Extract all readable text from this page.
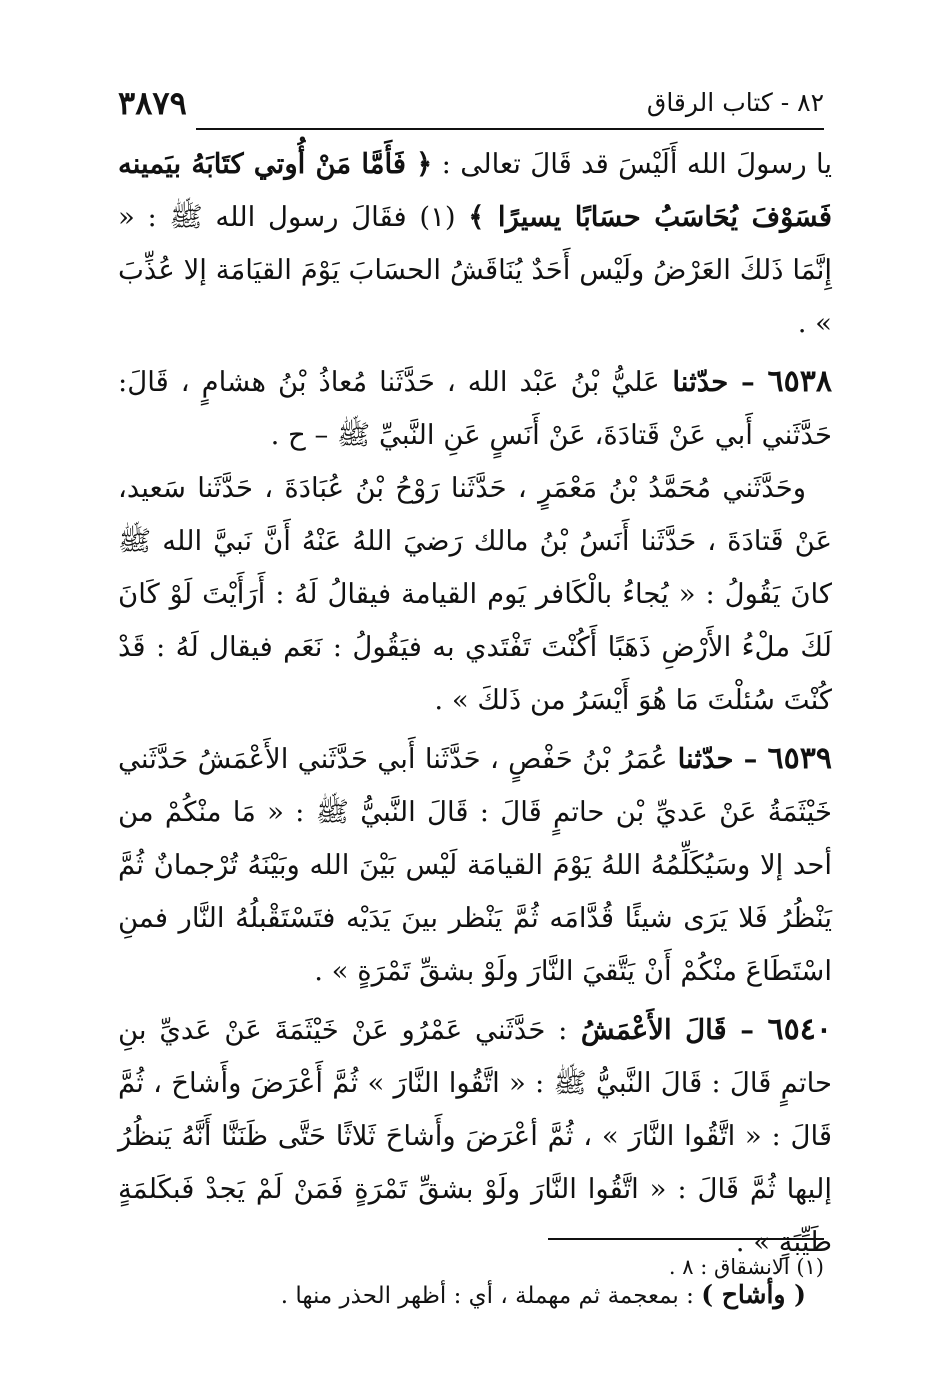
٨٢ - كتاب الرقاق
٣٨٧٩

يا رسولَ الله أَلَيْسَ قد قَالَ تعالى : ﴿ فَأَمَّا مَنْ أُوتي كتَابَهُ بيَمينه فَسَوْفَ يُحَاسَبُ حسَابًا يسيرًا ﴾ (١) فقَالَ رسول الله ﷺ : « إِنَّمَا ذَلكَ العَرْضُ ولَيْس أَحَدٌ يُنَاقَشُ الحسَابَ يَوْمَ القيَامَة إلا عُذِّبَ » .

٦٥٣٨ – حدّثنا عَليُّ بْنُ عَبْد الله ، حَدَّثَنا مُعاذُ بْنُ هشامٍ ، قَالَ: حَدَّثَني أَبي عَنْ قَتادَةَ، عَنْ أَنَسٍ عَنِ النَّبيِّ ﷺ – ح .

وحَدَّثَني مُحَمَّدُ بْنُ مَعْمَرٍ ، حَدَّثَنا رَوْحُ بْنُ عُبَادَةَ ، حَدَّثَنا سَعيد، عَنْ قَتادَةَ ، حَدَّثَنا أَنَسُ بْنُ مالك رَضيَ اللهُ عَنْهُ أَنَّ نَبيَّ الله ﷺ كانَ يَقُولُ : « يُجاءُ بالْكَافر يَوم القيامة فيقالُ لَهُ : أَرَأَيْتَ لَوْ كَانَ لَكَ ملْءُ الأَرْضِ ذَهَبًا أَكُنْتَ تَفْتَدي به فيَقُولُ : نَعَم فيقال لَهُ : قَدْ كُنْتَ سُئلْتَ مَا هُوَ أَيْسَرُ من ذَلكَ » .

٦٥٣٩ – حدّثنا عُمَرُ بْنُ حَفْصٍ ، حَدَّثَنا أَبي حَدَّثَني الأَعْمَشُ حَدَّثَني خَيْثَمَةُ عَنْ عَديِّ بْن حاتمٍ قَالَ : قَالَ النَّبيُّ ﷺ : « مَا منْكُمْ من أحد إلا وسَيُكَلِّمُهُ اللهُ يَوْمَ القيامَة لَيْس بَيْنَ الله وبَيْنَهُ تُرْجمانٌ ثُمَّ يَنْظُرُ فَلا يَرَى شيئًا قُدَّامَه ثُمَّ يَنْظر بينَ يَدَيْه فتَسْتَقْبلُهُ النَّار فمنِ اسْتَطَاعَ منْكُمْ أَنْ يَتَّقيَ النَّارَ ولَوْ بشقِّ تَمْرَةٍ » .

٦٥٤٠ – قَالَ الأَعْمَشُ : حَدَّثَني عَمْرُو عَنْ خَيْثَمَةَ عَنْ عَديِّ بنِ حاتمٍ قَالَ : قَالَ النَّبيُّ ﷺ : « اتَّقُوا النَّارَ » ثُمَّ أَعْرَضَ وأَشاحَ ، ثُمَّ قَالَ : « اتَّقُوا النَّارَ » ، ثُمَّ أعْرَضَ وأَشاحَ ثَلاثًا حَتَّى ظَنَنَّا أَنَّهُ يَنظُرُ إليها ثُمَّ قَالَ : « اتَّقُوا النَّارَ ولَوْ بشقِّ تَمْرَةٍ فَمَنْ لَمْ يَجدْ فَبكَلمَةٍ طَيِّبَةٍ » .

( وأشاح ) : بمعجمة ثم مهملة ، أي : أظهر الحذر منها .

(١) الانشقاق : ٨ .
